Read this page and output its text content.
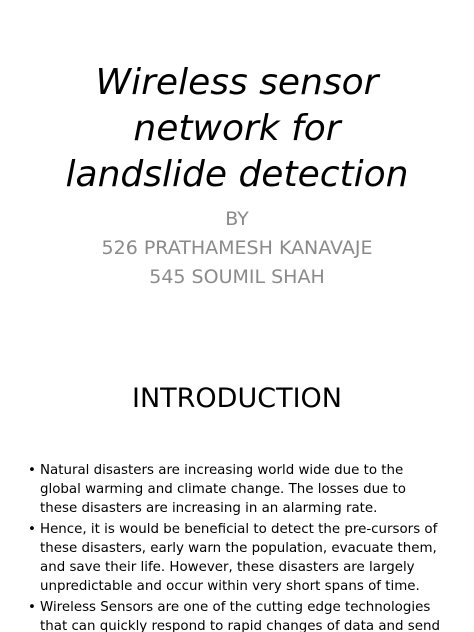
Wireless sensor
network for
landslide detection
BY
526 PRATHAMESH KANAVAJE
545 SOUMIL SHAH
INTRODUCTION
• Natural disasters are increasing world wide due to the global warming and climate change. The losses due to these disasters are increasing in an alarming rate.
• Hence, it is would be beneficial to detect the pre-cursors of these disasters, early warn the population, evacuate them, and save their life. However, these disasters are largely unpredictable and occur within very short spans of time.
• Wireless Sensors are one of the cutting edge technologies that can quickly respond to rapid changes of data and send
